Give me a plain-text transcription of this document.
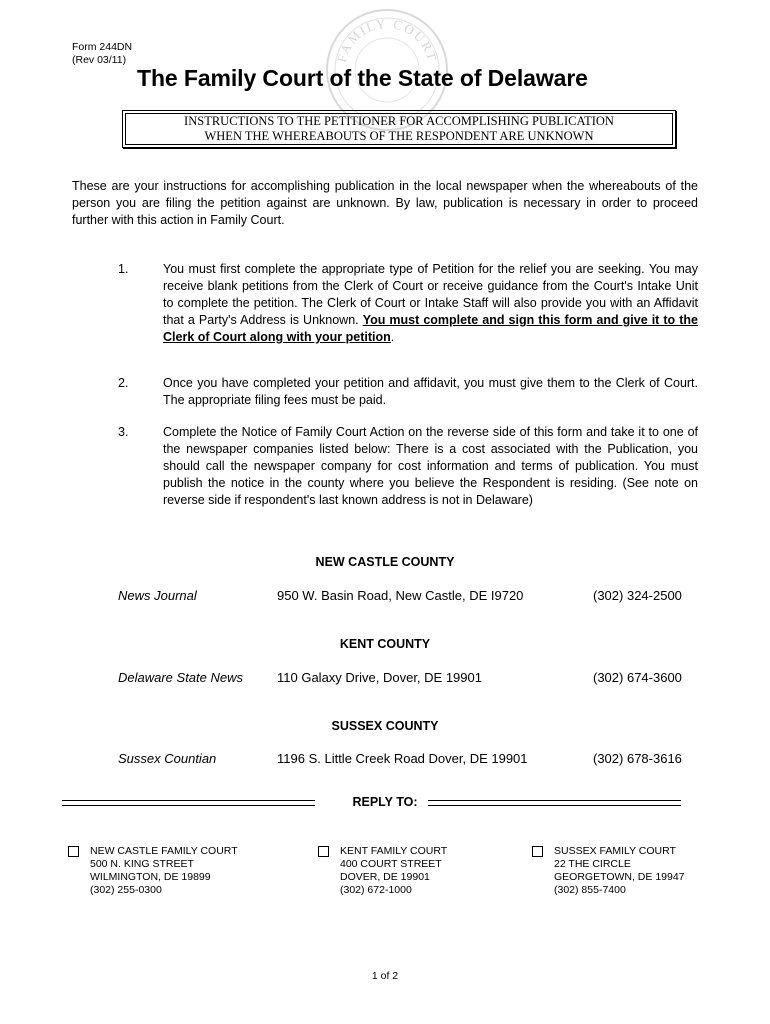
Form 244DN
(Rev 03/11)	FAMILY COURT
The Family Court of the State of Delaware
INSTRUCTIONS TO THE PETITIONER FOR ACCOMPLISHING PUBLICATION
WHEN THE WHEREABOUTS OF THE RESPONDENT ARE UNKNOWN
These are your instructions for accomplishing publication in the local newspaper when the whereabouts of the person you are filing the petition against are unknown. By law, publication is necessary in order to proceed further with this action in Family Court.
1.	You must first complete the appropriate type of Petition for the relief you are seeking. You may receive blank petitions from the Clerk of Court or receive guidance from the Court's Intake Unit to complete the petition. The Clerk of Court or Intake Staff will also provide you with an Affidavit that a Party's Address is Unknown. You must complete and sign this form and give it to the Clerk of Court along with your petition.
2.	Once you have completed your petition and affidavit, you must give them to the Clerk of Court. The appropriate filing fees must be paid.
3.	Complete the Notice of Family Court Action on the reverse side of this form and take it to one of the newspaper companies listed below: There is a cost associated with the Publication, you should call the newspaper company for cost information and terms of publication. You must publish the notice in the county where you believe the Respondent is residing. (See note on reverse side if respondent's last known address is not in Delaware)
NEW CASTLE COUNTY
News Journal	950 W. Basin Road, New Castle, DE I9720	(302) 324-2500
KENT COUNTY
Delaware State News	110 Galaxy Drive, Dover, DE 19901	(302) 674-3600
SUSSEX COUNTY
Sussex Countian	1196 S. Little Creek Road Dover, DE 19901	(302) 678-3616
REPLY TO:
NEW CASTLE FAMILY COURT
500 N. KING STREET
WILMINGTON, DE 19899
(302) 255-0300
KENT FAMILY COURT
400 COURT STREET
DOVER, DE 19901
(302) 672-1000
SUSSEX FAMILY COURT
22 THE CIRCLE
GEORGETOWN, DE 19947
(302) 855-7400
1 of 2
